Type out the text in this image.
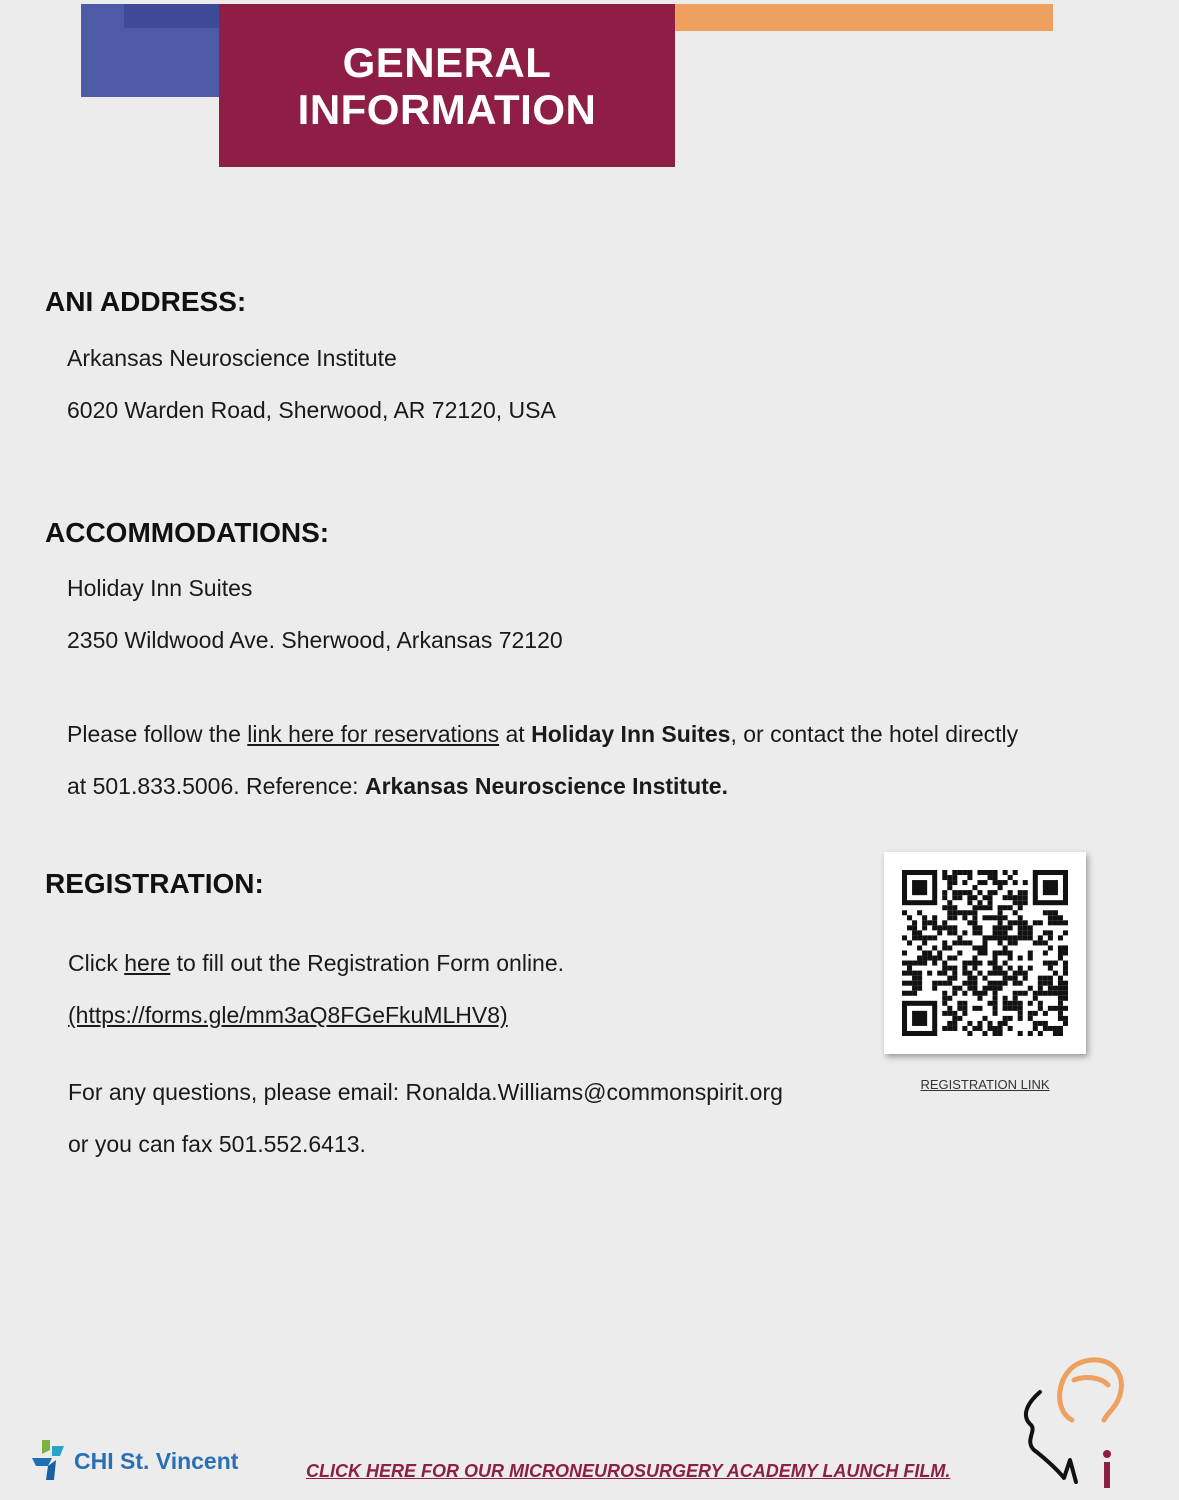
GENERAL
INFORMATION
ANI ADDRESS:
Arkansas Neuroscience Institute
6020 Warden Road, Sherwood, AR 72120, USA
ACCOMMODATIONS:
Holiday Inn Suites
2350 Wildwood Ave. Sherwood, Arkansas 72120
Please follow the link here for reservations at Holiday Inn Suites, or contact the hotel directly
at 501.833.5006. Reference: Arkansas Neuroscience Institute.
REGISTRATION:
Click here to fill out the Registration Form online.
(https://forms.gle/mm3aQ8FGeFkuMLHV8)
For any questions, please email: Ronalda.Williams@commonspirit.org
or you can fax 501.552.6413.
REGISTRATION LINK
CHI St. Vincent	CLICK HERE FOR OUR MICRONEUROSURGERY ACADEMY LAUNCH FILM.
